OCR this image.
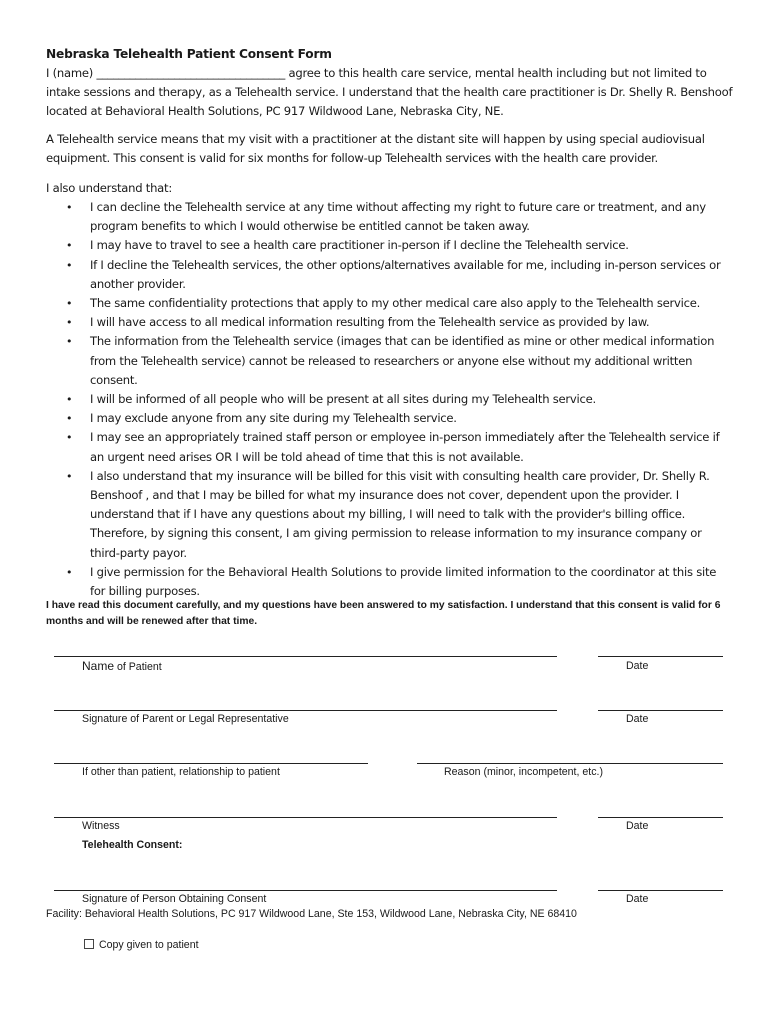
Nebraska Telehealth Patient Consent Form
I (name) __________________________________ agree to this health care service, mental health including but not limited to intake sessions and therapy, as a Telehealth service. I understand that the health care practitioner is Dr. Shelly R. Benshoof located at Behavioral Health Solutions, PC 917 Wildwood Lane, Nebraska City, NE.
A Telehealth service means that my visit with a practitioner at the distant site will happen by using special audiovisual equipment. This consent is valid for six months for follow-up Telehealth services with the health care provider.
I also understand that:
• I can decline the Telehealth service at any time without affecting my right to future care or treatment, and any program benefits to which I would otherwise be entitled cannot be taken away.
• I may have to travel to see a health care practitioner in-person if I decline the Telehealth service.
• If I decline the Telehealth services, the other options/alternatives available for me, including in-person services or another provider.
• The same confidentiality protections that apply to my other medical care also apply to the Telehealth service.
• I will have access to all medical information resulting from the Telehealth service as provided by law.
• The information from the Telehealth service (images that can be identified as mine or other medical information from the Telehealth service) cannot be released to researchers or anyone else without my additional written consent.
• I will be informed of all people who will be present at all sites during my Telehealth service.
• I may exclude anyone from any site during my Telehealth service.
• I may see an appropriately trained staff person or employee in-person immediately after the Telehealth service if an urgent need arises OR I will be told ahead of time that this is not available.
• I also understand that my insurance will be billed for this visit with consulting health care provider, Dr. Shelly R. Benshoof , and that I may be billed for what my insurance does not cover, dependent upon the provider. I understand that if I have any questions about my billing, I will need to talk with the provider's billing office. Therefore, by signing this consent, I am giving permission to release information to my insurance company or third-party payor.
• I give permission for the Behavioral Health Solutions to provide limited information to the coordinator at this site for billing purposes.
I have read this document carefully, and my questions have been answered to my satisfaction. I understand that this consent is valid for 6 months and will be renewed after that time.
Name of Patient	Date
Signature of Parent or Legal Representative	Date
If other than patient, relationship to patient	Reason (minor, incompetent, etc.)
Witness	Date
Telehealth Consent:
Signature of Person Obtaining Consent	Date
Facility: Behavioral Health Solutions, PC 917 Wildwood Lane, Ste 153, Wildwood Lane, Nebraska City, NE 68410
Copy given to patient
